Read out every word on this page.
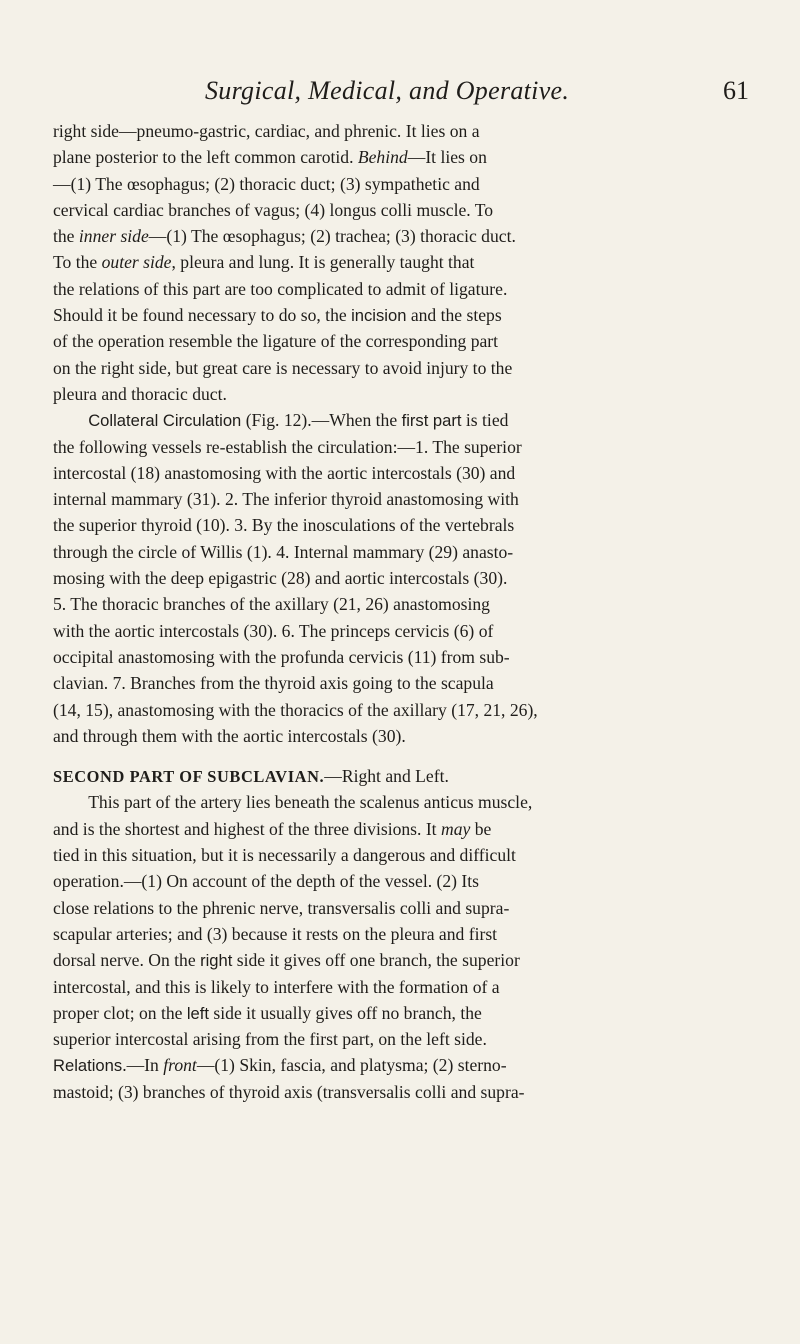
Surgical, Medical, and Operative.	61
right side—pneumo-gastric, cardiac, and phrenic. It lies on a
plane posterior to the left common carotid. Behind—It lies on
—(1) The œsophagus; (2) thoracic duct; (3) sympathetic and
cervical cardiac branches of vagus; (4) longus colli muscle. To
the inner side—(1) The œsophagus; (2) trachea; (3) thoracic duct.
To the outer side, pleura and lung. It is generally taught that
the relations of this part are too complicated to admit of ligature.
Should it be found necessary to do so, the incision and the steps
of the operation resemble the ligature of the corresponding part
on the right side, but great care is necessary to avoid injury to the
pleura and thoracic duct.
  Collateral Circulation (Fig. 12).—When the first part is tied
the following vessels re-establish the circulation:—1. The superior
intercostal (18) anastomosing with the aortic intercostals (30) and
internal mammary (31). 2. The inferior thyroid anastomosing with
the superior thyroid (10). 3. By the inosculations of the vertebrals
through the circle of Willis (1). 4. Internal mammary (29) anasto-
mosing with the deep epigastric (28) and aortic intercostals (30).
5. The thoracic branches of the axillary (21, 26) anastomosing
with the aortic intercostals (30). 6. The princeps cervicis (6) of
occipital anastomosing with the profunda cervicis (11) from sub-
clavian. 7. Branches from the thyroid axis going to the scapula
(14, 15), anastomosing with the thoracics of the axillary (17, 21, 26),
and through them with the aortic intercostals (30).
SECOND PART OF SUBCLAVIAN.—Right and Left.
  This part of the artery lies beneath the scalenus anticus muscle,
and is the shortest and highest of the three divisions. It may be
tied in this situation, but it is necessarily a dangerous and difficult
operation.—(1) On account of the depth of the vessel. (2) Its
close relations to the phrenic nerve, transversalis colli and supra-
scapular arteries; and (3) because it rests on the pleura and first
dorsal nerve. On the right side it gives off one branch, the superior
intercostal, and this is likely to interfere with the formation of a
proper clot; on the left side it usually gives off no branch, the
superior intercostal arising from the first part, on the left side.
Relations.—In front—(1) Skin, fascia, and platysma; (2) sterno-
mastoid; (3) branches of thyroid axis (transversalis colli and supra-
